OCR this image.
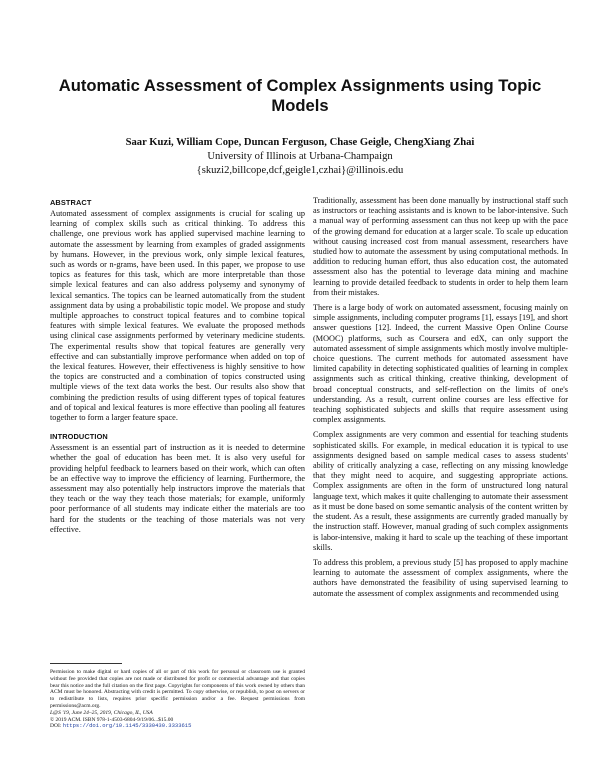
Automatic Assessment of Complex Assignments using Topic Models
Saar Kuzi, William Cope, Duncan Ferguson, Chase Geigle, ChengXiang Zhai
University of Illinois at Urbana-Champaign
{skuzi2,billcope,dcf,geigle1,czhai}@illinois.edu
ABSTRACT

Automated assessment of complex assignments is crucial for scaling up learning of complex skills such as critical thinking. To address this challenge, one previous work has applied supervised machine learning to automate the assessment by learning from examples of graded assignments by humans. However, in the previous work, only simple lexical features, such as words or n-grams, have been used. In this paper, we propose to use topics as features for this task, which are more interpretable than those simple lexical features and can also address polysemy and synonymy of lexical semantics. The topics can be learned automatically from the student assignment data by using a probabilistic topic model. We propose and study multiple approaches to construct topical features and to combine topical features with simple lexical features. We evaluate the proposed methods using clinical case assignments performed by veterinary medicine students. The experimental results show that topical features are generally very effective and can substantially improve performance when added on top of the lexical features. However, their effectiveness is highly sensitive to how the topics are constructed and a combination of topics constructed using multiple views of the text data works the best. Our results also show that combining the prediction results of using different types of topical features and of topical and lexical features is more effective than pooling all features together to form a larger feature space.

INTRODUCTION

Assessment is an essential part of instruction as it is needed to determine whether the goal of education has been met. It is also very useful for providing helpful feedback to learners based on their work, which can often be an effective way to improve the efficiency of learning. Furthermore, the assessment may also potentially help instructors improve the materials that they teach or the way they teach those materials; for example, uniformly poor performance of all students may indicate either the materials are too hard for the students or the teaching of those materials was not very effective.

Permission to make digital or hard copies of all or part of this work for personal or classroom use is granted without fee provided that copies are not made or distributed for profit or commercial advantage and that copies bear this notice and the full citation on the first page. Copyrights for components of this work owned by others than ACM must be honored. Abstracting with credit is permitted. To copy otherwise, or republish, to post on servers or to redistribute to lists, requires prior specific permission and/or a fee. Request permissions from permissions@acm.org.
L@S '19, June 24–25, 2019, Chicago, IL, USA
© 2019 ACM. ISBN 978-1-4503-6804-9/19/06...$15.00
DOI: https://doi.org/10.1145/3330430.3333615

Traditionally, assessment has been done manually by instructional staff such as instructors or teaching assistants and is known to be labor-intensive. Such a manual way of performing assessment can thus not keep up with the pace of the growing demand for education at a larger scale. To scale up education without causing increased cost from manual assessment, researchers have studied how to automate the assessment by using computational methods. In addition to reducing human effort, thus also education cost, the automated assessment also has the potential to leverage data mining and machine learning to provide detailed feedback to students in order to help them learn from their mistakes.

There is a large body of work on automated assessment, focusing mainly on simple assignments, including computer programs [1], essays [19], and short answer questions [12]. Indeed, the current Massive Open Online Course (MOOC) platforms, such as Coursera and edX, can only support the automated assessment of simple assignments which mostly involve multiple-choice questions. The current methods for automated assessment have limited capability in detecting sophisticated qualities of learning in complex assignments such as critical thinking, creative thinking, development of broad conceptual constructs, and self-reflection on the limits of one's understanding. As a result, current online courses are less effective for teaching sophisticated subjects and skills that require assessment using complex assignments.

Complex assignments are very common and essential for teaching students sophisticated skills. For example, in medical education it is typical to use assignments designed based on sample medical cases to assess students' ability of critically analyzing a case, reflecting on any missing knowledge that they might need to acquire, and suggesting appropriate actions. Complex assignments are often in the form of unstructured long natural language text, which makes it quite challenging to automate their assessment as it must be done based on some semantic analysis of the content written by the student. As a result, these assignments are currently graded manually by the instruction staff. However, manual grading of such complex assignments is labor-intensive, making it hard to scale up the teaching of these important skills.

To address this problem, a previous study [5] has proposed to apply machine learning to automate the assessment of complex assignments, where the authors have demonstrated the feasibility of using supervised learning to automate the assessment of complex assignments and recommended using
